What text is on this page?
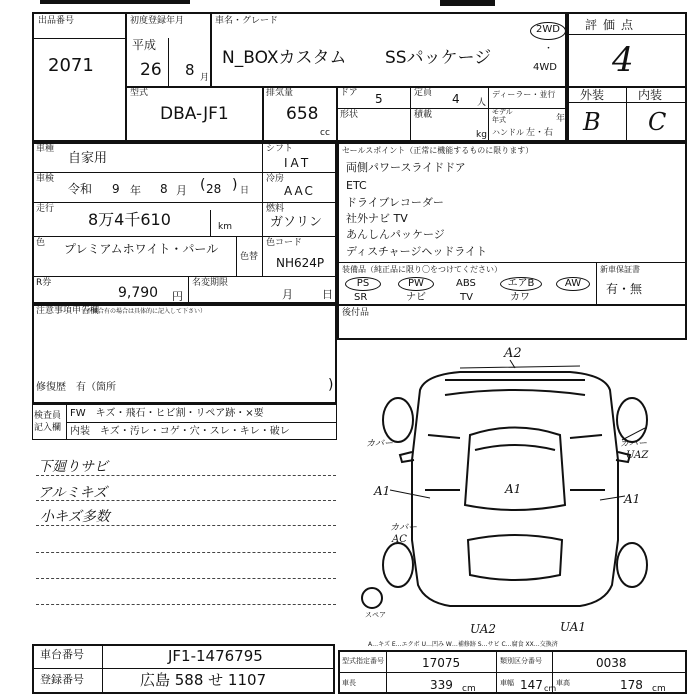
出品番号
2071
初度登録年月
平成
26 8 月
車名・グレード
N_BOXカスタム SSパッケージ
2WD
・
4WD
評価点
4
外装	内装
B C
型式
DBA-JF1
排気量
658
cc
ドア 5	定員 4 人
ディーラー・並行
モデル年式	年
形状	積載
kg ハンドル 左・右
車種
自家用
シフト
IAT
車検
令和 9 年 8 月 28 日
( )	冷房
AAC
走行
8万4千610	km
燃料
ガソリン
色 プレミアムホワイト・パール
色替
色コード
NH624P
R券
9,790 円
名変期限
月	日
セールスポイント（正常に機能するものに限ります）
両側パワースライドドア
ETC
ドライブレコーダー
社外ナビ TV
あんしんパッケージ
ディスチャージヘッドライト
装備品（純正品に限り〇をつけてください）
PS	PW	ABS	エアB	AW
SR	ナビ	TV	カワ
新車保証書
有・無
後付品
注意事項申告欄
（不具合有の場合は具体的に記入して下さい）
修復歴　有（箇所	)
検査員記入欄
FW　キズ・飛石・ヒビ割・リペア跡・×要
内装　キズ・汚レ・コゲ・穴・スレ・キレ・破レ
下廻りサビ
アルミキズ
小キズ多数
A2
カバー	カバー
UAZ
A1	A1
A1
カバー
AC
スペア
UA2	UA1
A…キズ E…エクボ U…凹み W…補修跡 S…サビ C…腐食 XX…交換済
車台番号	JF1-1476795
登録番号	広島 588 せ 1107
型式指定番号	17075	類別区分番号	0038
車長	339 cm
車幅 147 cm
車高	178 cm
